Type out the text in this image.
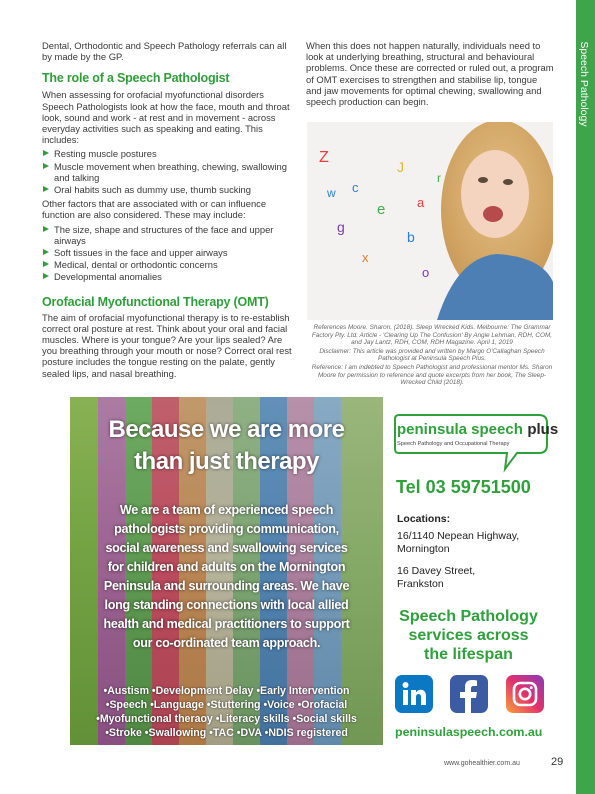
Speech Pathology
Dental, Orthodontic and Speech Pathology referrals can all by made by the GP.
The role of a Speech Pathologist
When assessing for orofacial myofunctional disorders Speech Pathologists look at how the face, mouth and throat look, sound and work - at rest and in movement - across everyday activities such as speaking and eating. This includes:
Resting muscle postures
Muscle movement when breathing, chewing, swallowing and talking
Oral habits such as dummy use, thumb sucking
Other factors that are associated with or can influence function are also considered. These may include:
The size, shape and structures of the face and upper airways
Soft tissues in the face and upper airways
Medical, dental or orthodontic concerns
Developmental anomalies
Orofacial Myofunctional Therapy (OMT)
The aim of orofacial myofunctional therapy is to re-establish correct oral posture at rest. Think about your oral and facial muscles. Where is your tongue? Are your lips sealed? Are you breathing through your mouth or nose? Correct oral rest posture includes the tongue resting on the palate, gently sealed lips, and nasal breathing.
When this does not happen naturally, individuals need to look at underlying breathing, structural and behavioural problems. Once these are corrected or ruled out, a program of OMT exercises to strengthen and stabilise lip, tongue and jaw movements for optimal chewing, swallowing and speech production can begin.
Z
c
J
e
g
a
b
x
r
w
o
References Moore. Sharon. (2018). Sleep Wrecked Kids. Melbourne: The Grammar Factory Pty. Ltd. Article - 'Clearing Up The Confusion' By Angie Lehman, RDH, COM, and Jay Lantz, RDH, COM, RDH Magazine. April 1, 2019
Disclaimer: This article was provided and written by Margo O'Callaghan Speech Pathologist at Peninsula Speech Plus.
Reference: I am indebted to Speech Pathologist and professional mentor Ms. Sharon Moore for permission to reference and quote excerpts from her book, The Sleep-Wrecked Child (2018).
Because we are more
than just therapy
We are a team of experienced speech
pathologists providing communication,
social awareness and swallowing services
for children and adults on the Mornington
Peninsula and surrounding areas. We have
long standing connections with local allied
health and medical practitioners to support
our co-ordinated team approach.
•Austism •Development Delay •Early Intervention
•Speech •Language •Stuttering •Voice •Orofacial
•Myofunctional theraoy •Literacy skills •Social skills
•Stroke •Swallowing •TAC •DVA •NDIS registered
peninsula speech plus
Speech Pathology and Occupational Therapy
Tel 03 59751500
Locations:
16/1140 Nepean Highway,
Mornington
16 Davey Street,
Frankston
Speech Pathology
services across
the lifespan
peninsulaspeech.com.au
www.gohealthier.com.au	29
